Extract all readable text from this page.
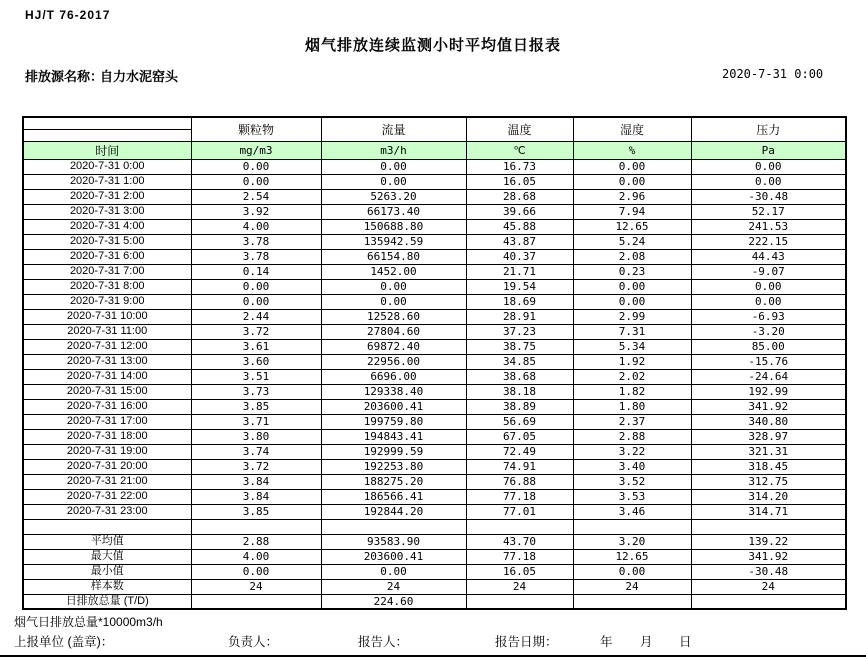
HJ/T 76-2017
烟气排放连续监测小时平均值日报表
排放源名称：
自力水泥窑头	2020-7-31 0:00
	颗粒物	流量	温度	湿度	压力

时间	mg/m3	m3/h	℃	%	Pa
2020-7-31 0:00	0.00	0.00	16.73	0.00	0.00
2020-7-31 1:00	0.00	0.00	16.05	0.00	0.00
2020-7-31 2:00	2.54	5263.20	28.68	2.96	-30.48
2020-7-31 3:00	3.92	66173.40	39.66	7.94	52.17
2020-7-31 4:00	4.00	150688.80	45.88	12.65	241.53
2020-7-31 5:00	3.78	135942.59	43.87	5.24	222.15
2020-7-31 6:00	3.78	66154.80	40.37	2.08	44.43
2020-7-31 7:00	0.14	1452.00	21.71	0.23	-9.07
2020-7-31 8:00	0.00	0.00	19.54	0.00	0.00
2020-7-31 9:00	0.00	0.00	18.69	0.00	0.00
2020-7-31 10:00	2.44	12528.60	28.91	2.99	-6.93
2020-7-31 11:00	3.72	27804.60	37.23	7.31	-3.20
2020-7-31 12:00	3.61	69872.40	38.75	5.34	85.00
2020-7-31 13:00	3.60	22956.00	34.85	1.92	-15.76
2020-7-31 14:00	3.51	6696.00	38.68	2.02	-24.64
2020-7-31 15:00	3.73	129338.40	38.18	1.82	192.99
2020-7-31 16:00	3.85	203600.41	38.89	1.80	341.92
2020-7-31 17:00	3.71	199759.80	56.69	2.37	340.80
2020-7-31 18:00	3.80	194843.41	67.05	2.88	328.97
2020-7-31 19:00	3.74	192999.59	72.49	3.22	321.31
2020-7-31 20:00	3.72	192253.80	74.91	3.40	318.45
2020-7-31 21:00	3.84	188275.20	76.88	3.52	312.75
2020-7-31 22:00	3.84	186566.41	77.18	3.53	314.20
2020-7-31 23:00	3.85	192844.20	77.01	3.46	314.71

平均值	2.88	93583.90	43.70	3.20	139.22
最大值	4.00	203600.41	77.18	12.65	341.92
最小值	0.00	0.00	16.05	0.00	-30.48
样本数	24	24	24	24	24
日排放总量 (T/D)		224.60			
烟气日排放总量*10000m3/h
上报单位 (盖章)：	负责人：	报告人：	报告日期：	年 月 日
